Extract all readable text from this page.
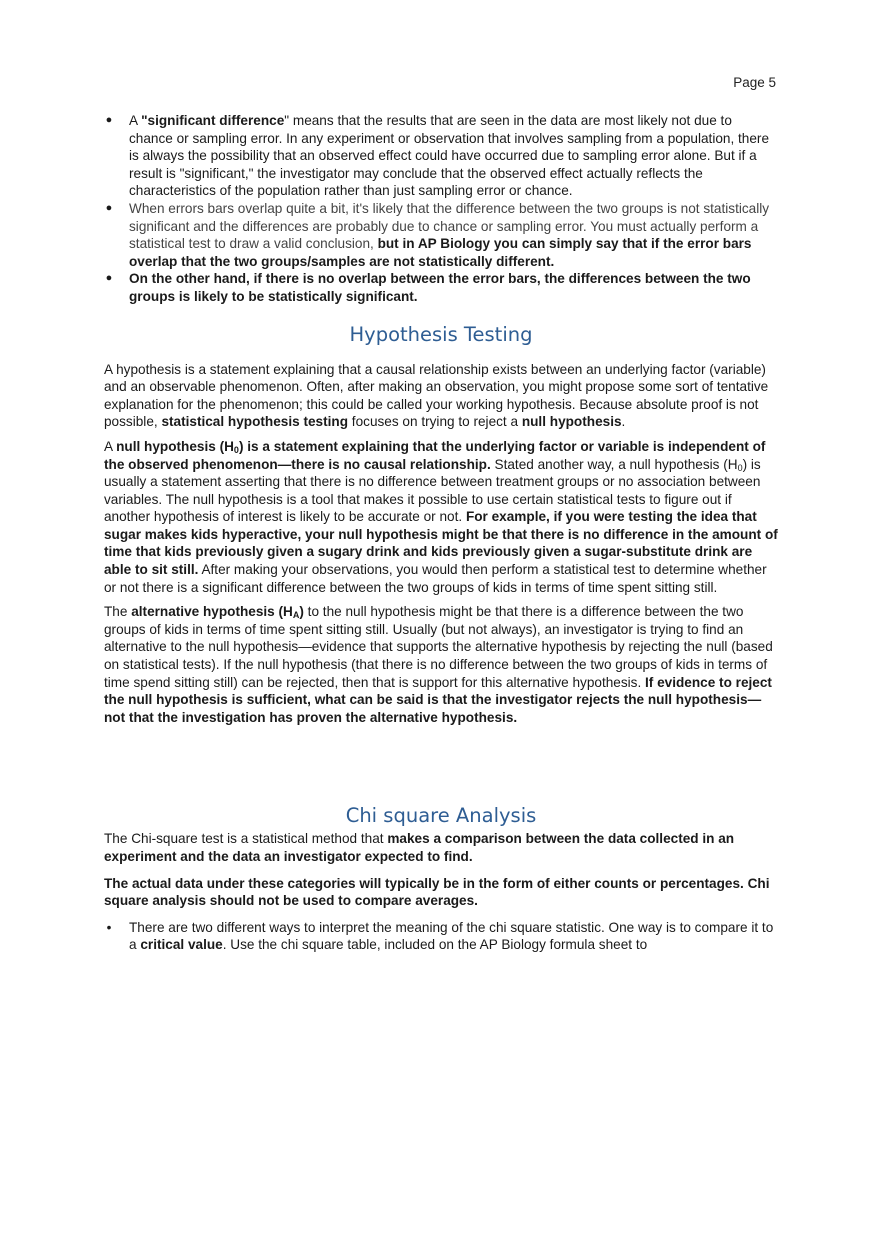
Page 5
● A "significant difference" means that the results that are seen in the data are most likely not due to chance or sampling error. In any experiment or observation that involves sampling from a population, there is always the possibility that an observed effect could have occurred due to sampling error alone. But if a result is "significant," the investigator may conclude that the observed effect actually reflects the characteristics of the population rather than just sampling error or chance.
● When errors bars overlap quite a bit, it's likely that the difference between the two groups is not statistically significant and the differences are probably due to chance or sampling error. You must actually perform a statistical test to draw a valid conclusion, but in AP Biology you can simply say that if the error bars overlap that the two groups/samples are not statistically different.
● On the other hand, if there is no overlap between the error bars, the differences between the two groups is likely to be statistically significant.
Hypothesis Testing

A hypothesis is a statement explaining that a causal relationship exists between an underlying factor (variable) and an observable phenomenon. Often, after making an observation, you might propose some sort of tentative explanation for the phenomenon; this could be called your working hypothesis. Because absolute proof is not possible, statistical hypothesis testing focuses on trying to reject a null hypothesis.

A null hypothesis $(H_0)$ is a statement explaining that the underlying factor or variable is independent of the observed phenomenon—there is no causal relationship. Stated another way, a null hypothesis $(H_0)$ is usually a statement asserting that there is no difference between treatment groups or no association between variables. The null hypothesis is a tool that makes it possible to use certain statistical tests to figure out if another hypothesis of interest is likely to be accurate or not. For example, if you were testing the idea that sugar makes kids hyperactive, your null hypothesis might be that there is no difference in the amount of time that kids previously given a sugary drink and kids previously given a sugar-substitute drink are able to sit still. After making your observations, you would then perform a statistical test to determine whether or not there is a significant difference between the two groups of kids in terms of time spent sitting still.

The alternative hypothesis $(H_A)$ to the null hypothesis might be that there is a difference between the two groups of kids in terms of time spent sitting still. Usually (but not always), an investigator is trying to find an alternative to the null hypothesis—evidence that supports the alternative hypothesis by rejecting the null (based on statistical tests). If the null hypothesis (that there is no difference between the two groups of kids in terms of time spend sitting still) can be rejected, then that is support for this alternative hypothesis. If evidence to reject the null hypothesis is sufficient, what can be said is that the investigator rejects the null hypothesis—not that the investigation has proven the alternative hypothesis.

Chi square Analysis

The Chi-square test is a statistical method that makes a comparison between the data collected in an experiment and the data an investigator expected to find.

The actual data under these categories will typically be in the form of either counts or percentages. Chi square analysis should not be used to compare averages.

• There are two different ways to interpret the meaning of the chi square statistic. One way is to compare it to a critical value. Use the chi square table, included on the AP Biology formula sheet to
